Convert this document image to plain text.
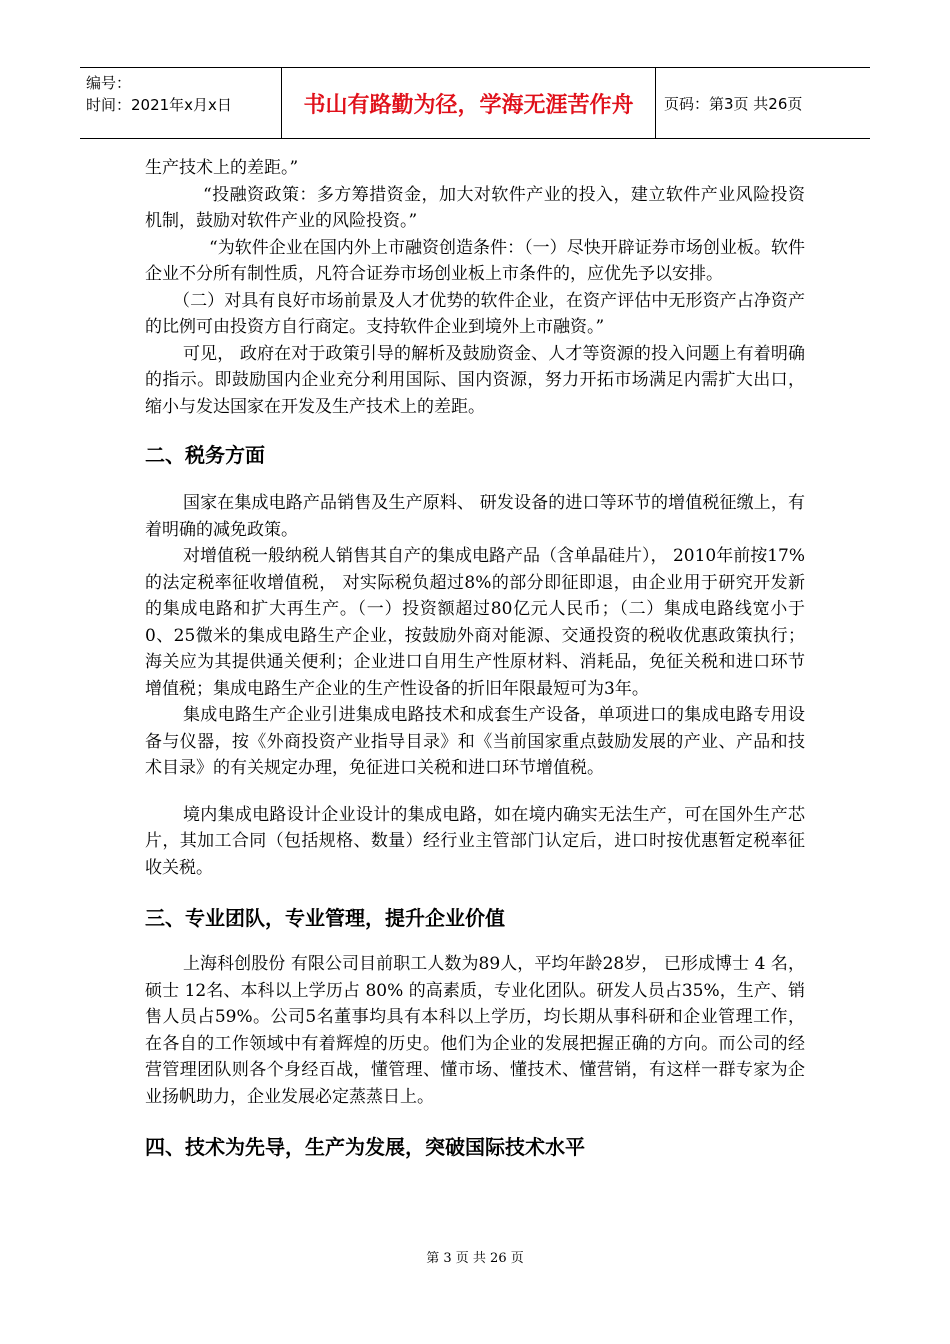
编号：
时间：2021年x月x日	书山有路勤为径，学海无涯苦作舟	页码：第3页 共26页

生产技术上的差距。”

“投融资政策：多方筹措资金，加大对软件产业的投入，建立软件产业风险投资机制，鼓励对软件产业的风险投资。”

“为软件企业在国内外上市融资创造条件：（一）尽快开辟证券市场创业板。软件企业不分所有制性质，凡符合证券市场创业板上市条件的，应优先予以安排。

（二）对具有良好市场前景及人才优势的软件企业，在资产评估中无形资产占净资产的比例可由投资方自行商定。支持软件企业到境外上市融资。”

可见， 政府在对于政策引导的解析及鼓励资金、人才等资源的投入问题上有着明确的指示。即鼓励国内企业充分利用国际、国内资源，努力开拓市场满足内需扩大出口，缩小与发达国家在开发及生产技术上的差距。

二、税务方面

国家在集成电路产品销售及生产原料、 研发设备的进口等环节的增值税征缴上，有着明确的减免政策。

对增值税一般纳税人销售其自产的集成电路产品（含单晶硅片）， 2010年前按17%的法定税率征收增值税， 对实际税负超过8%的部分即征即退，由企业用于研究开发新的集成电路和扩大再生产。（一）投资额超过80亿元人民币；（二）集成电路线宽小于0、25微米的集成电路生产企业，按鼓励外商对能源、交通投资的税收优惠政策执行；海关应为其提供通关便利；企业进口自用生产性原材料、消耗品，免征关税和进口环节增值税；集成电路生产企业的生产性设备的折旧年限最短可为3年。

集成电路生产企业引进集成电路技术和成套生产设备，单项进口的集成电路专用设备与仪器，按《外商投资产业指导目录》和《当前国家重点鼓励发展的产业、产品和技术目录》的有关规定办理，免征进口关税和进口环节增值税。

境内集成电路设计企业设计的集成电路，如在境内确实无法生产，可在国外生产芯片，其加工合同（包括规格、数量）经行业主管部门认定后，进口时按优惠暂定税率征收关税。

三、专业团队，专业管理，提升企业价值

上海科创股份 有限公司目前职工人数为89人，平均年龄28岁， 已形成博士 4 名，硕士 12名、本科以上学历占 80% 的高素质，专业化团队。研发人员占35%，生产、销售人员占59%。公司5名董事均具有本科以上学历，均长期从事科研和企业管理工作，在各自的工作领域中有着辉煌的历史。他们为企业的发展把握正确的方向。而公司的经营管理团队则各个身经百战，懂管理、懂市场、懂技术、懂营销，有这样一群专家为企业扬帆助力，企业发展必定蒸蒸日上。

四、技术为先导，生产为发展，突破国际技术水平
第 3 页 共 26 页
